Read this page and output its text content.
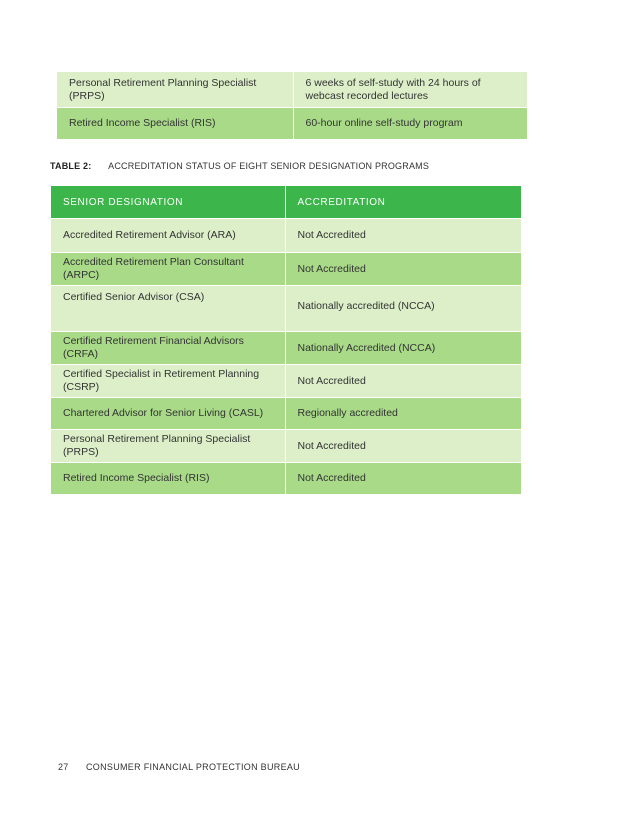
Personal Retirement Planning Specialist (PRPS)	6 weeks of self-study with 24 hours of webcast recorded lectures
Retired Income Specialist (RIS)	60-hour online self-study program
TABLE 2: ACCREDITATION STATUS OF EIGHT SENIOR DESIGNATION PROGRAMS
SENIOR DESIGNATION	ACCREDITATION
Accredited Retirement Advisor (ARA)	Not Accredited
Accredited Retirement Plan Consultant (ARPC)	Not Accredited
Certified Senior Advisor (CSA)	Nationally accredited (NCCA)
Certified Retirement Financial Advisors (CRFA)	Nationally Accredited (NCCA)
Certified Specialist in Retirement Planning (CSRP)	Not Accredited
Chartered Advisor for Senior Living (CASL)	Regionally accredited
Personal Retirement Planning Specialist (PRPS)	Not Accredited
Retired Income Specialist (RIS)	Not Accredited
27 CONSUMER FINANCIAL PROTECTION BUREAU
